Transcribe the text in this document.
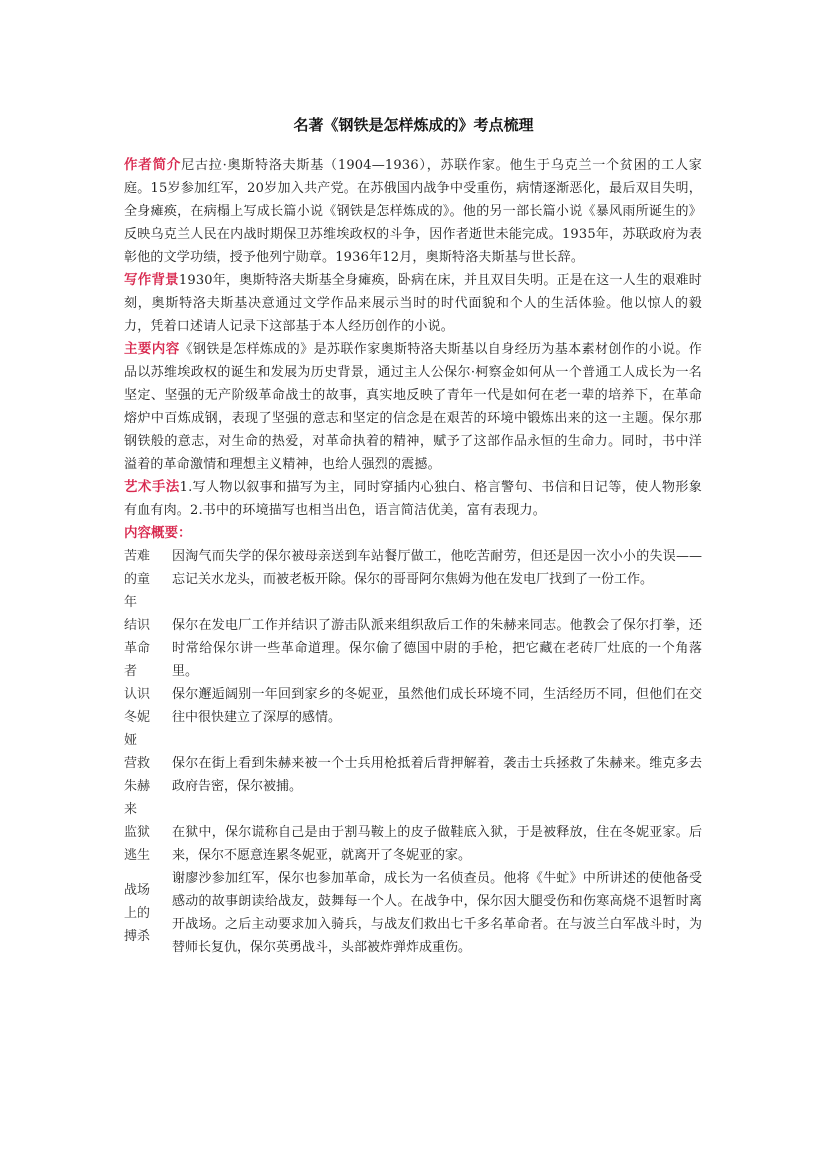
名著《钢铁是怎样炼成的》考点梳理

作者简介尼古拉·奥斯特洛夫斯基（1904—1936），苏联作家。他生于乌克兰一个贫困的工人家庭。15岁参加红军，20岁加入共产党。在苏俄国内战争中受重伤，病情逐渐恶化，最后双目失明，全身瘫痪，在病榻上写成长篇小说《钢铁是怎样炼成的》。他的另一部长篇小说《暴风雨所诞生的》反映乌克兰人民在内战时期保卫苏维埃政权的斗争，因作者逝世未能完成。1935年，苏联政府为表彰他的文学功绩，授予他列宁勋章。1936年12月，奥斯特洛夫斯基与世长辞。

写作背景1930年，奥斯特洛夫斯基全身瘫痪，卧病在床，并且双目失明。正是在这一人生的艰难时刻，奥斯特洛夫斯基决意通过文学作品来展示当时的时代面貌和个人的生活体验。他以惊人的毅力，凭着口述请人记录下这部基于本人经历创作的小说。

主要内容《钢铁是怎样炼成的》是苏联作家奥斯特洛夫斯基以自身经历为基本素材创作的小说。作品以苏维埃政权的诞生和发展为历史背景，通过主人公保尔·柯察金如何从一个普通工人成长为一名坚定、坚强的无产阶级革命战士的故事，真实地反映了青年一代是如何在老一辈的培养下，在革命熔炉中百炼成钢，表现了坚强的意志和坚定的信念是在艰苦的环境中锻炼出来的这一主题。保尔那钢铁般的意志，对生命的热爱，对革命执着的精神，赋予了这部作品永恒的生命力。同时，书中洋溢着的革命激情和理想主义精神，也给人强烈的震撼。

艺术手法1.写人物以叙事和描写为主，同时穿插内心独白、格言警句、书信和日记等，使人物形象有血有肉。2.书中的环境描写也相当出色，语言简洁优美，富有表现力。

内容概要：

苦难的童年
因淘气而失学的保尔被母亲送到车站餐厅做工，他吃苦耐劳，但还是因一次小小的失误——忘记关水龙头，而被老板开除。保尔的哥哥阿尔焦姆为他在发电厂找到了一份工作。
结识革命者
保尔在发电厂工作并结识了游击队派来组织敌后工作的朱赫来同志。他教会了保尔打拳，还时常给保尔讲一些革命道理。保尔偷了德国中尉的手枪，把它藏在老砖厂灶底的一个角落里。
认识冬妮娅
保尔邂逅阔别一年回到家乡的冬妮亚，虽然他们成长环境不同，生活经历不同，但他们在交往中很快建立了深厚的感情。
营救朱赫来
保尔在街上看到朱赫来被一个士兵用枪抵着后背押解着，袭击士兵拯救了朱赫来。维克多去政府告密，保尔被捕。
监狱逃生
在狱中，保尔谎称自己是由于割马鞍上的皮子做鞋底入狱，于是被释放，住在冬妮亚家。后来，保尔不愿意连累冬妮亚，就离开了冬妮亚的家。
战场上的搏杀
谢廖沙参加红军，保尔也参加革命，成长为一名侦查员。他将《牛虻》中所讲述的使他备受感动的故事朗读给战友，鼓舞每一个人。在战争中，保尔因大腿受伤和伤寒高烧不退暂时离开战场。之后主动要求加入骑兵，与战友们救出七千多名革命者。在与波兰白军战斗时，为替师长复仇，保尔英勇战斗，头部被炸弹炸成重伤。
